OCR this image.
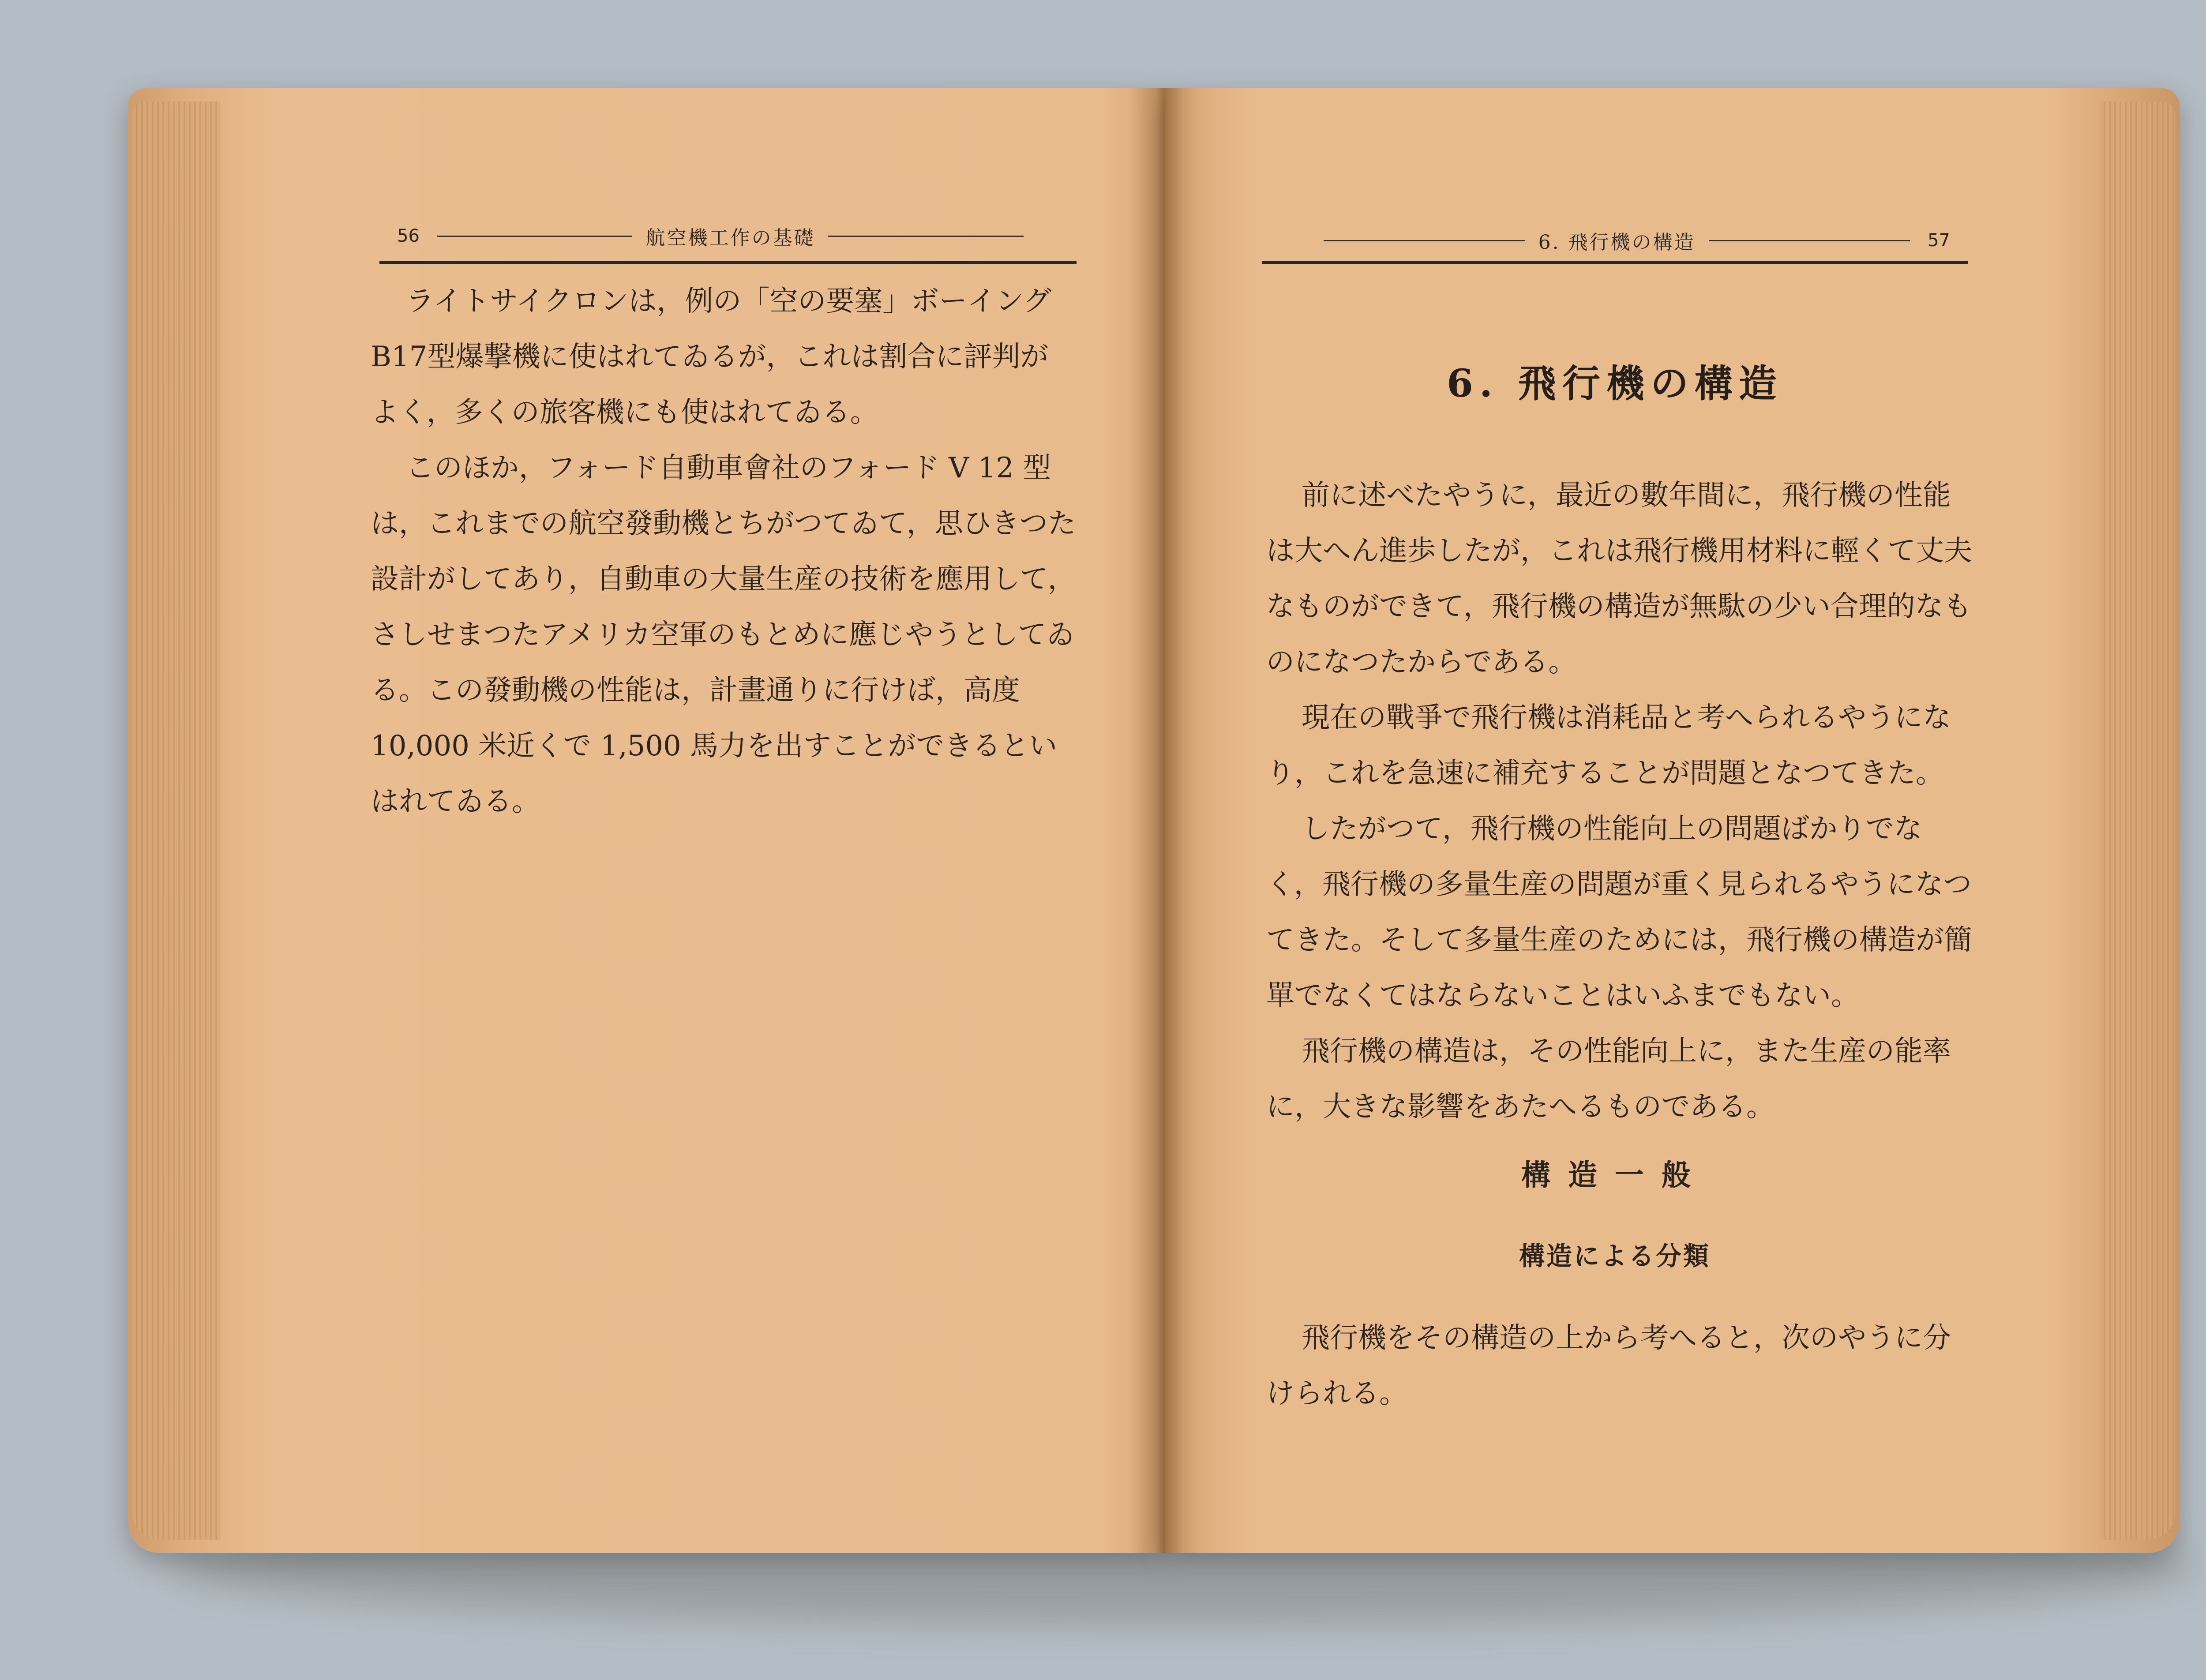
56	航空機工作の基礎

ライトサイクロンは，例の「空の要塞」ボーイングB17型爆撃機に使はれてゐるが，これは割合に評判がよく，多くの旅客機にも使はれてゐる。

このほか，フォード自動車會社のフォード V 12 型は，これまでの航空發動機とちがつてゐて，思ひきつた設計がしてあり，自動車の大量生産の技術を應用して，さしせまつたアメリカ空軍のもとめに應じやうとしてゐる。この發動機の性能は，計畫通りに行けば，高度 10,000 米近くで 1,500 馬力を出すことができるといはれてゐる。

6. 飛行機の構造	57
6. 飛行機の構造

前に述べたやうに，最近の數年間に，飛行機の性能は大へん進歩したが，これは飛行機用材料に輕くて丈夫なものができて，飛行機の構造が無駄の少い合理的なものになつたからである。

現在の戰爭で飛行機は消耗品と考へられるやうになり，これを急速に補充することが問題となつてきた。

したがつて，飛行機の性能向上の問題ばかりでなく，飛行機の多量生産の問題が重く見られるやうになつてきた。そして多量生産のためには，飛行機の構造が簡單でなくてはならないことはいふまでもない。

飛行機の構造は，その性能向上に，また生産の能率に，大きな影響をあたへるものである。

構造一般
構造による分類

飛行機をその構造の上から考へると，次のやうに分けられる。
